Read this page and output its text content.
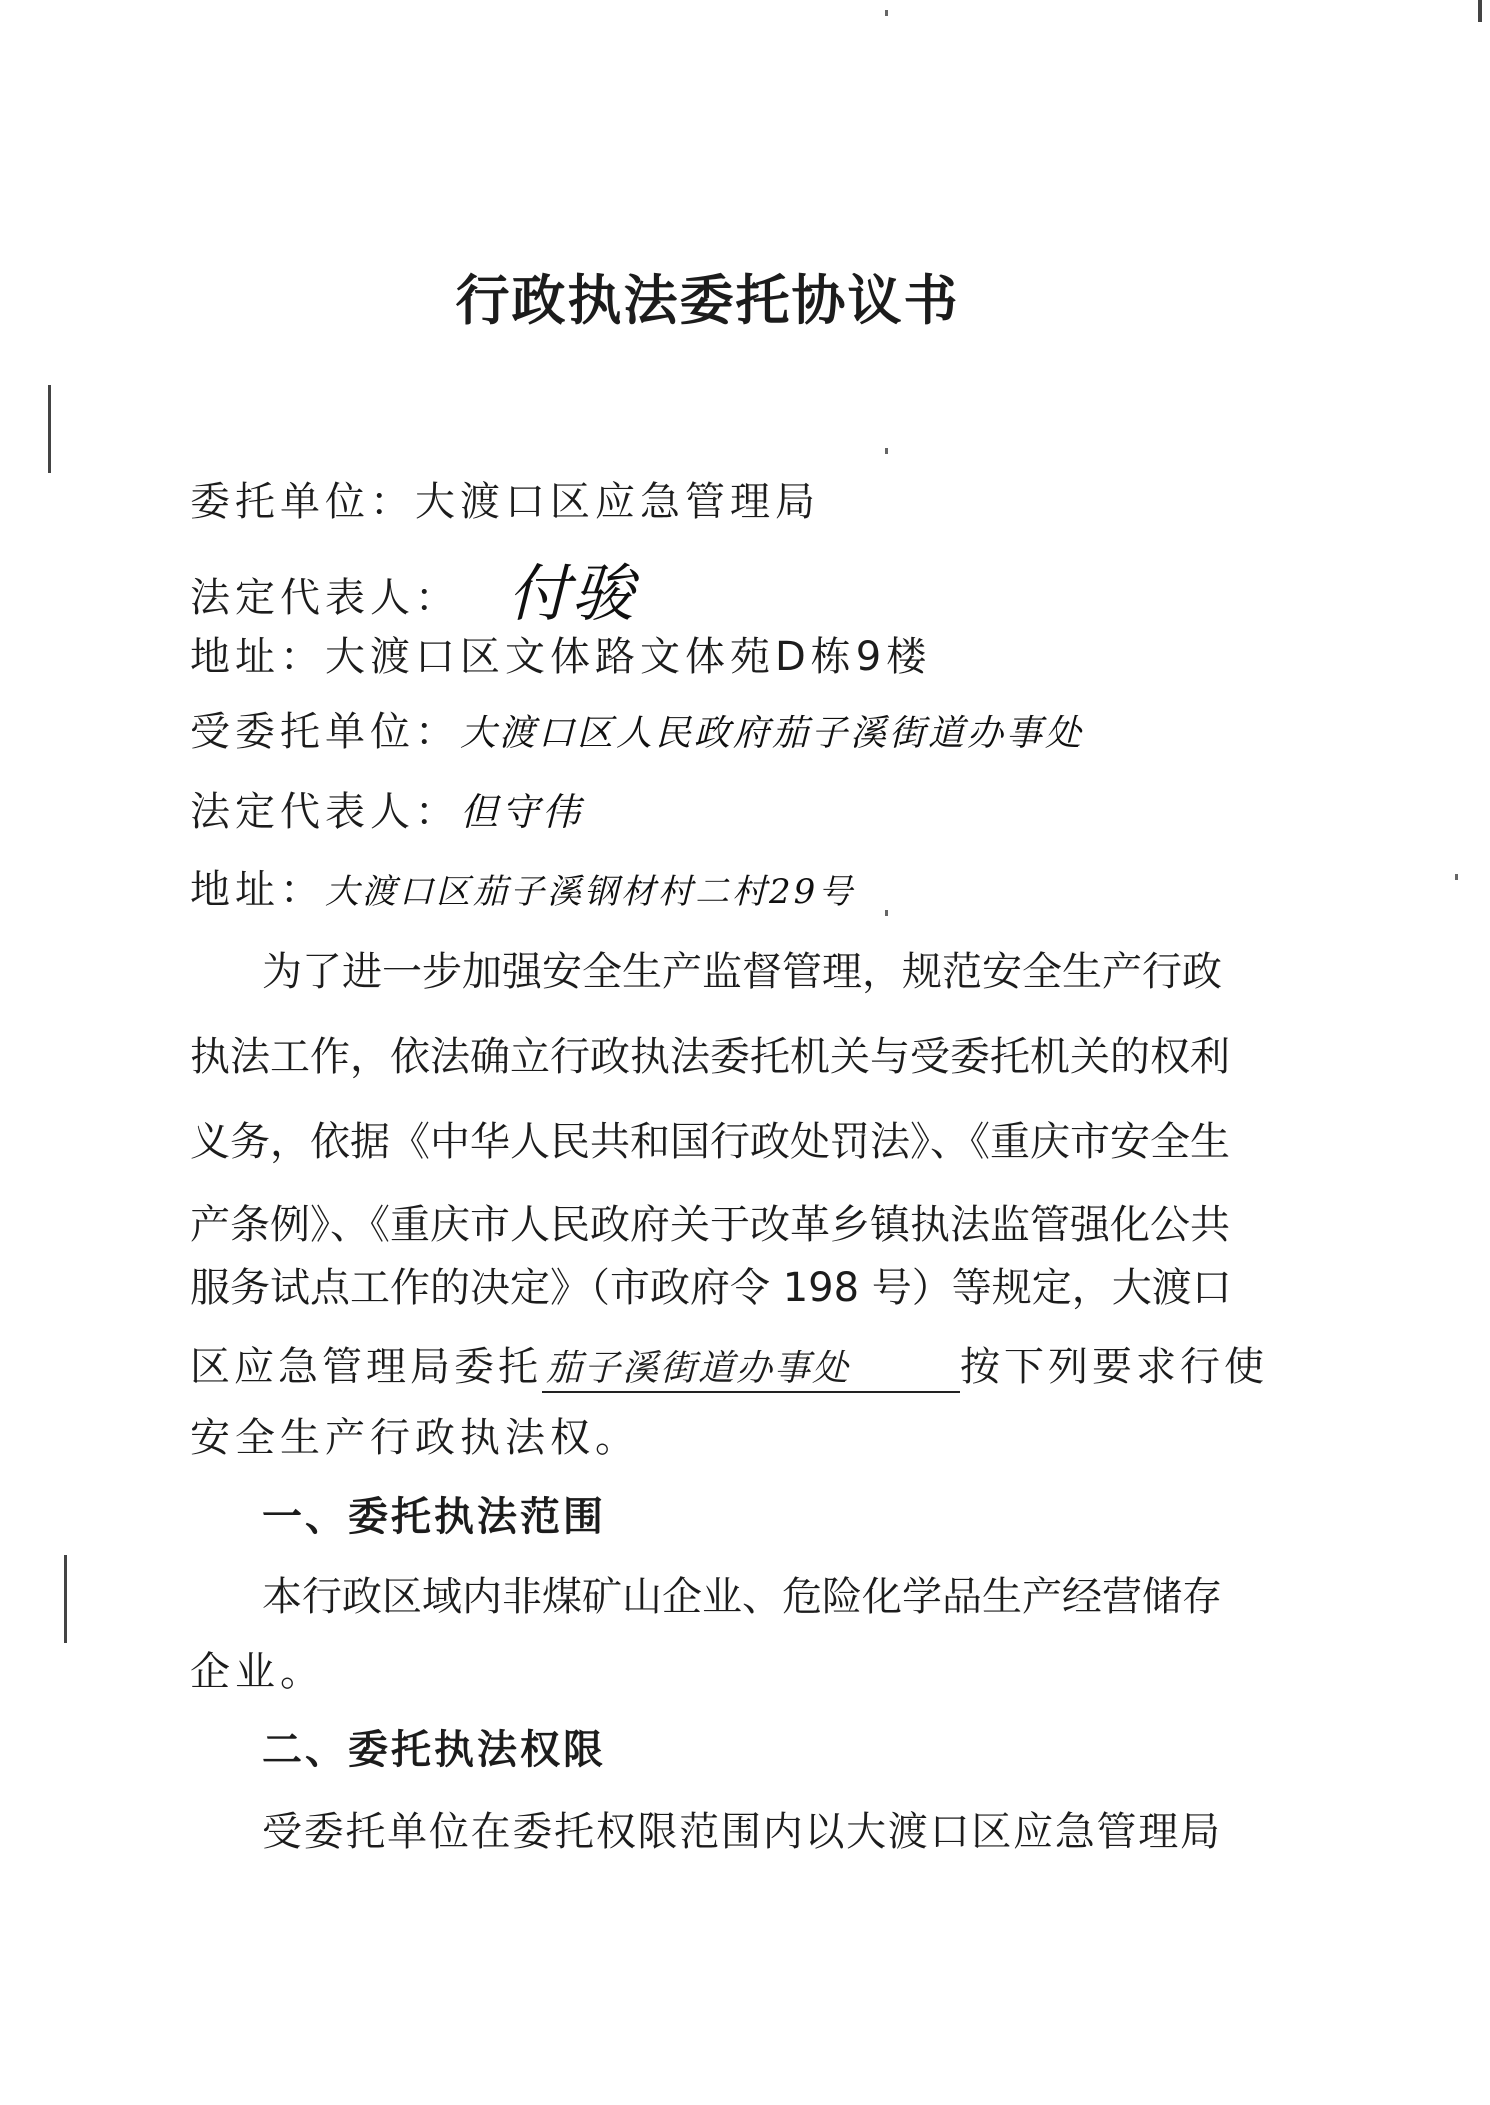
行政执法委托协议书
委托单位：大渡口区应急管理局
法定代表人： 付骏
地址：大渡口区文体路文体苑D栋9楼
受委托单位：大渡口区人民政府茄子溪街道办事处
法定代表人：但守伟
地址：大渡口区茄子溪钢材村二村29号
为了进一步加强安全生产监督管理，规范安全生产行政
执法工作，依法确立行政执法委托机关与受委托机关的权利
义务，依据《中华人民共和国行政处罚法》、《重庆市安全生
产条例》、《重庆市人民政府关于改革乡镇执法监管强化公共
服务试点工作的决定》（市政府令 198 号）等规定，大渡口
区应急管理局委托 茄子溪街道办事处	按下列要求行使
安全生产行政执法权。
一、委托执法范围
本行政区域内非煤矿山企业、危险化学品生产经营储存
企业。
二、委托执法权限
受委托单位在委托权限范围内以大渡口区应急管理局
